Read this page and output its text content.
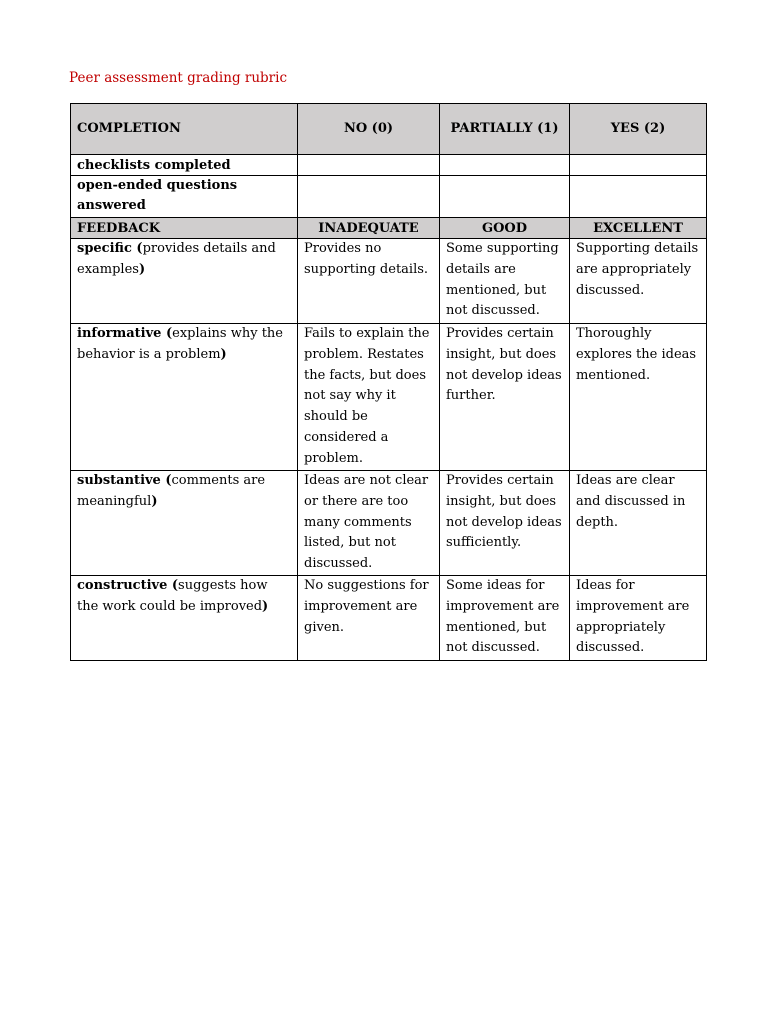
Peer assessment grading rubric
COMPLETION	NO (0)	PARTIALLY (1)	YES (2)
checklists completed			
open-ended questions answered			
FEEDBACK	INADEQUATE	GOOD	EXCELLENT
specific (provides details and examples)	Provides no supporting details.	Some supporting details are mentioned, but not discussed.	Supporting details are appropriately discussed.
informative (explains why the behavior is a problem)	Fails to explain the problem. Restates the facts, but does not say why it should be considered a problem.	Provides certain insight, but does not develop ideas further.	Thoroughly explores the ideas mentioned.
substantive (comments are meaningful)	Ideas are not clear or there are too many comments listed, but not discussed.	Provides certain insight, but does not develop ideas sufficiently.	Ideas are clear and discussed in depth.
constructive (suggests how the work could be improved)	No suggestions for improvement are given.	Some ideas for improvement are mentioned, but not discussed.	Ideas for improvement are appropriately discussed.
